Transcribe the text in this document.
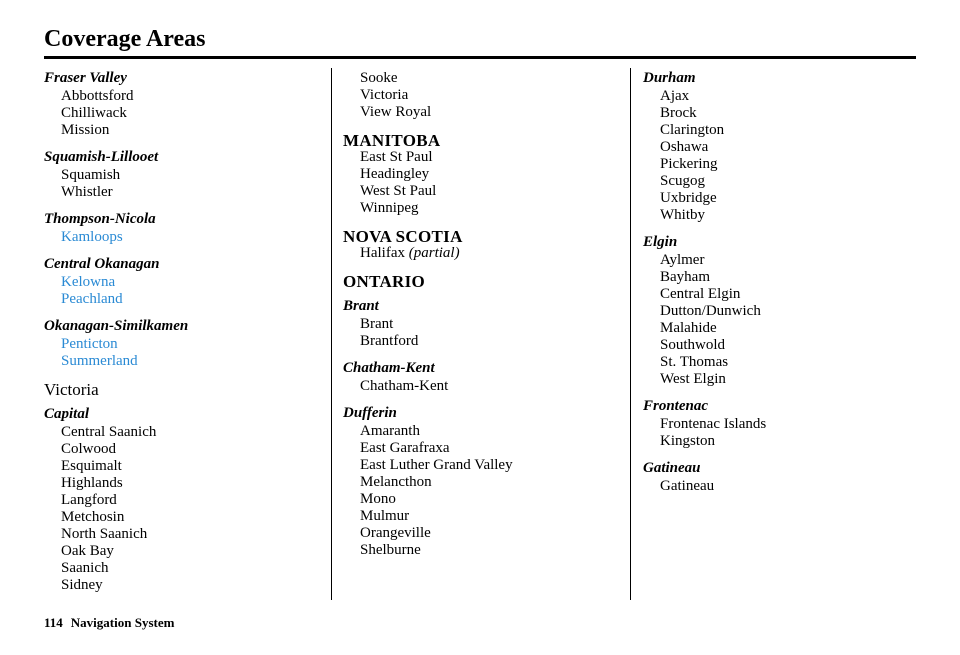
Coverage Areas
Fraser Valley
Abbottsford
Chilliwack
Mission
Squamish-Lillooet
Squamish
Whistler
Thompson-Nicola
Kamloops
Central Okanagan
Kelowna
Peachland
Okanagan-Similkamen
Penticton
Summerland
Victoria
Capital
Central Saanich
Colwood
Esquimalt
Highlands
Langford
Metchosin
North Saanich
Oak Bay
Saanich
Sidney
Sooke
Victoria
View Royal
MANITOBA
East St Paul
Headingley
West St Paul
Winnipeg
NOVA SCOTIA
Halifax (partial)
ONTARIO
Brant
Brant
Brantford
Chatham-Kent
Chatham-Kent
Dufferin
Amaranth
East Garafraxa
East Luther Grand Valley
Melancthon
Mono
Mulmur
Orangeville
Shelburne
Durham
Ajax
Brock
Clarington
Oshawa
Pickering
Scugog
Uxbridge
Whitby
Elgin
Aylmer
Bayham
Central Elgin
Dutton/Dunwich
Malahide
Southwold
St. Thomas
West Elgin
Frontenac
Frontenac Islands
Kingston
Gatineau
Gatineau
114 Navigation System
